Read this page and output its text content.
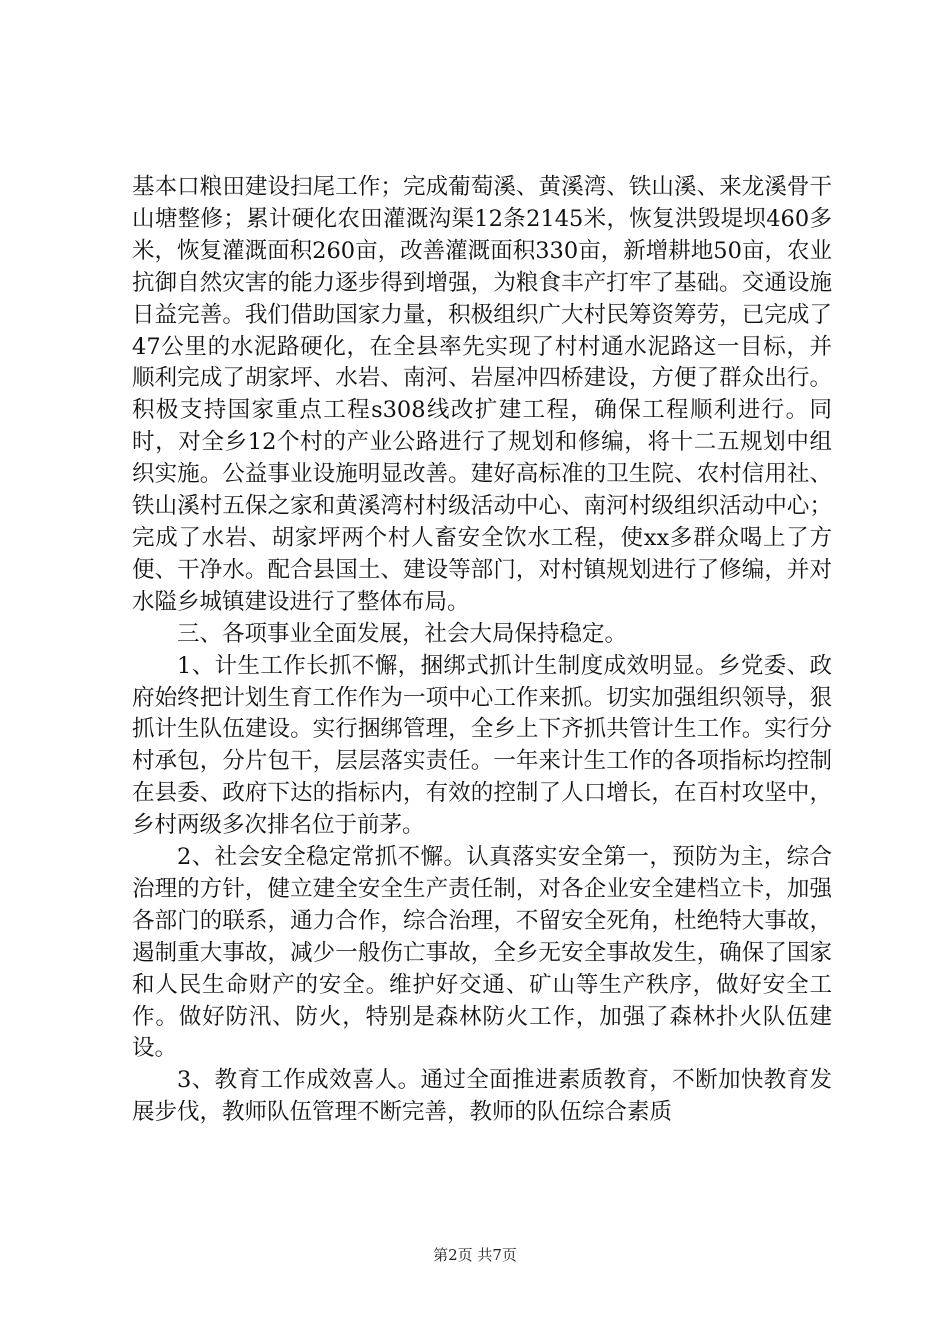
基本口粮田建设扫尾工作；完成葡萄溪、黄溪湾、铁山溪、来龙溪骨干山塘整修；累计硬化农田灌溉沟渠12条2145米，恢复洪毁堤坝460多米，恢复灌溉面积260亩，改善灌溉面积330亩，新增耕地50亩，农业抗御自然灾害的能力逐步得到增强，为粮食丰产打牢了基础。交通设施日益完善。我们借助国家力量，积极组织广大村民筹资筹劳，已完成了47公里的水泥路硬化，在全县率先实现了村村通水泥路这一目标，并顺利完成了胡家坪、水岩、南河、岩屋冲四桥建设，方便了群众出行。积极支持国家重点工程s308线改扩建工程，确保工程顺利进行。同时，对全乡12个村的产业公路进行了规划和修编，将十二五规划中组织实施。公益事业设施明显改善。建好高标准的卫生院、农村信用社、铁山溪村五保之家和黄溪湾村村级活动中心、南河村级组织活动中心；完成了水岩、胡家坪两个村人畜安全饮水工程，使xx多群众喝上了方便、干净水。配合县国土、建设等部门，对村镇规划进行了修编，并对水隘乡城镇建设进行了整体布局。

三、各项事业全面发展，社会大局保持稳定。

1、计生工作长抓不懈，捆绑式抓计生制度成效明显。乡党委、政府始终把计划生育工作作为一项中心工作来抓。切实加强组织领导，狠抓计生队伍建设。实行捆绑管理，全乡上下齐抓共管计生工作。实行分村承包，分片包干，层层落实责任。一年来计生工作的各项指标均控制在县委、政府下达的指标内，有效的控制了人口增长，在百村攻坚中，乡村两级多次排名位于前茅。

2、社会安全稳定常抓不懈。认真落实安全第一，预防为主，综合治理的方针，健立建全安全生产责任制，对各企业安全建档立卡，加强各部门的联系，通力合作，综合治理，不留安全死角，杜绝特大事故，遏制重大事故，减少一般伤亡事故，全乡无安全事故发生，确保了国家和人民生命财产的安全。维护好交通、矿山等生产秩序，做好安全工作。做好防汛、防火，特别是森林防火工作，加强了森林扑火队伍建设。

3、教育工作成效喜人。通过全面推进素质教育，不断加快教育发展步伐，教师队伍管理不断完善，教师的队伍综合素质

第2页 共7页
